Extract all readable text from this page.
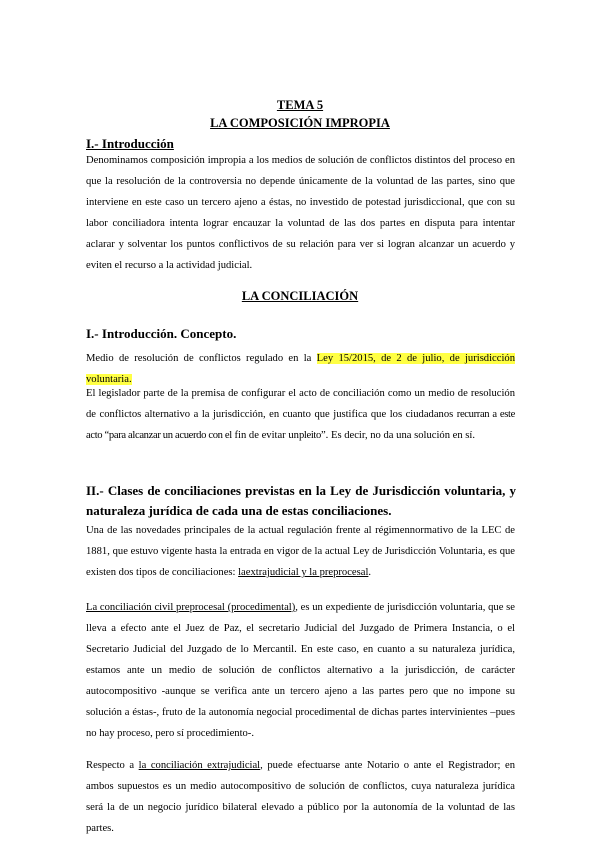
TEMA 5
LA COMPOSICIÓN IMPROPIA
I.- Introducción
Denominamos composición impropia a los medios de solución de conflictos distintos del proceso en que la resolución de la controversia no depende únicamente de la voluntad de las partes, sino que interviene en este caso un tercero ajeno a éstas, no investido de potestad jurisdiccional, que con su labor conciliadora intenta lograr encauzar la voluntad de las dos partes en disputa para intentar aclarar y solventar los puntos conflictivos de su relación para ver si logran alcanzar un acuerdo y eviten el recurso a la actividad judicial.
LA CONCILIACIÓN
I.- Introducción. Concepto.
Medio de resolución de conflictos regulado en la Ley 15/2015, de 2 de julio, de jurisdicción voluntaria.
El legislador parte de la premisa de configurar el acto de conciliación como un medio de resolución de conflictos alternativo a la jurisdicción, en cuanto que justifica que los ciudadanos recurran a este acto “para alcanzar un acuerdo con el fin de evitar unpleito”. Es decir, no da una solución en sí.
II.- Clases de conciliaciones previstas en la Ley de Jurisdicción voluntaria, y naturaleza jurídica de cada una de estas conciliaciones.
Una de las novedades principales de la actual regulación frente al régimennormativo de la LEC de 1881, que estuvo vigente hasta la entrada en vigor de la actual Ley de Jurisdicción Voluntaria, es que existen dos tipos de conciliaciones: laextrajudicial y la preprocesal.
La conciliación civil preprocesal (procedimental), es un expediente de jurisdicción voluntaria, que se lleva a efecto ante el Juez de Paz, el secretario Judicial del Juzgado de Primera Instancia, o el Secretario Judicial del Juzgado de lo Mercantil. En este caso, en cuanto a su naturaleza jurídica, estamos ante un medio de solución de conflictos alternativo a la jurisdicción, de carácter autocompositivo -aunque se verifica ante un tercero ajeno a las partes pero que no impone su solución a éstas-, fruto de la autonomía negocial procedimental de dichas partes intervinientes –pues no hay proceso, pero sí procedimiento-.
Respecto a la conciliación extrajudicial, puede efectuarse ante Notario o ante el Registrador; en ambos supuestos es un medio autocompositivo de solución de conflictos, cuya naturaleza jurídica será la de un negocio jurídico bilateral elevado a público por la autonomía de la voluntad de las partes.
